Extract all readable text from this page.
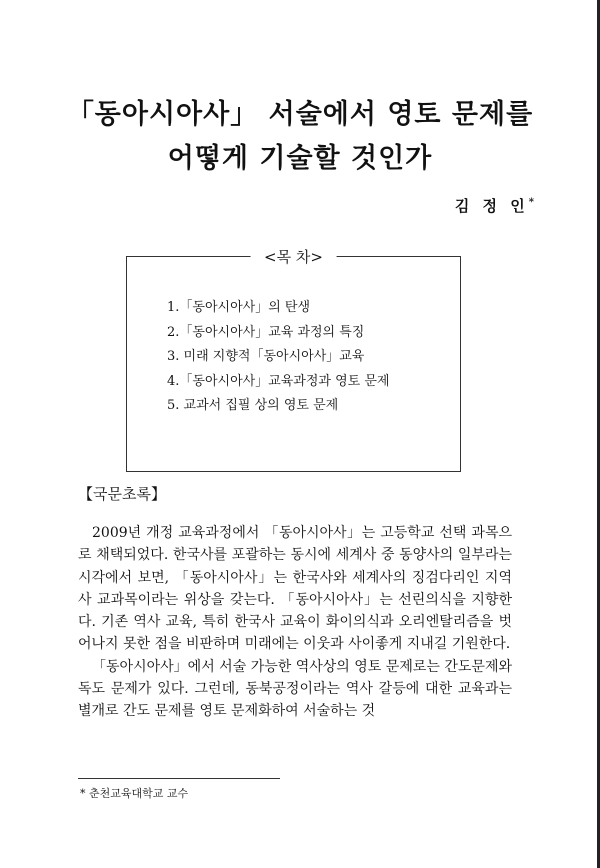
「동아시아사」 서술에서 영토 문제를
어떻게 기술할 것인가
김 정 인*
<목 차>
1.「동아시아사」의 탄생
2.「동아시아사」교육 과정의 특징
3. 미래 지향적「동아시아사」교육
4.「동아시아사」교육과정과 영토 문제
5. 교과서 집필 상의 영토 문제
【국문초록】

2009년 개정 교육과정에서 「동아시아사」는 고등학교 선택 과목으로 채택되었다. 한국사를 포괄하는 동시에 세계사 중 동양사의 일부라는 시각에서 보면, 「동아시아사」는 한국사와 세계사의 징검다리인 지역사 교과목이라는 위상을 갖는다. 「동아시아사」는 선린의식을 지향한다. 기존 역사 교육, 특히 한국사 교육이 화이의식과 오리엔탈리즘을 벗어나지 못한 점을 비판하며 미래에는 이웃과 사이좋게 지내길 기원한다.

「동아시아사」에서 서술 가능한 역사상의 영토 문제로는 간도문제와 독도 문제가 있다. 그런데, 동북공정이라는 역사 갈등에 대한 교육과는 별개로 간도 문제를 영토 문제화하여 서술하는 것

* 춘천교육대학교 교수
